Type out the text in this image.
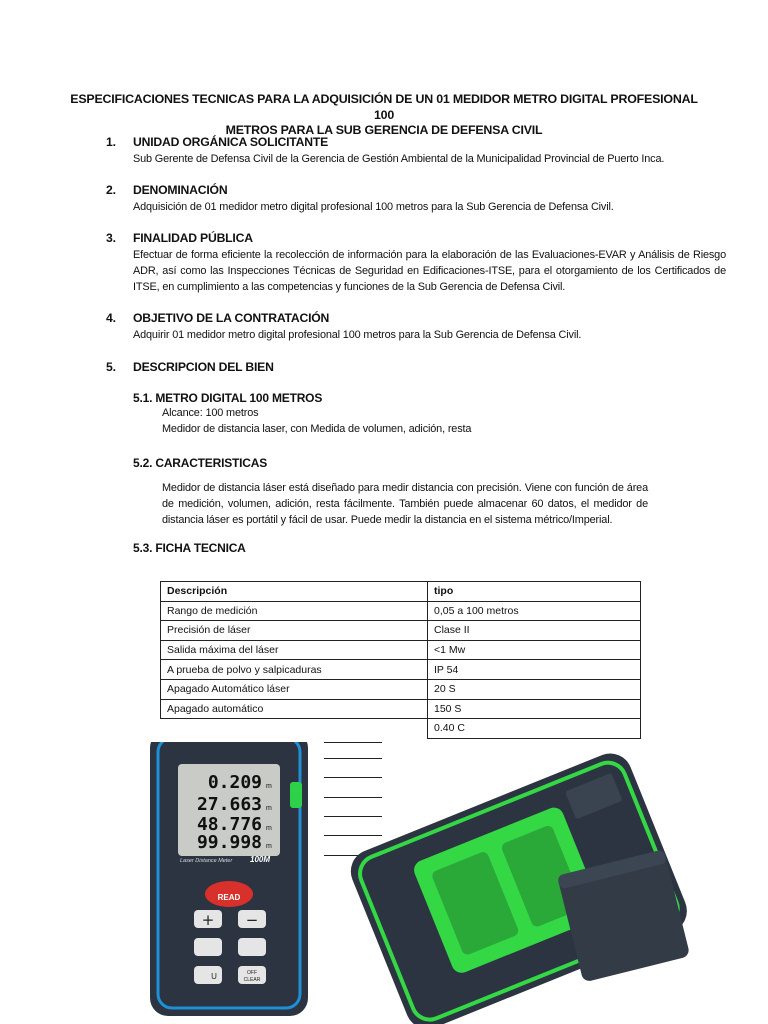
ESPECIFICACIONES TECNICAS PARA LA ADQUISICIÓN DE UN 01 MEDIDOR METRO DIGITAL PROFESIONAL 100
METROS PARA LA SUB GERENCIA DE DEFENSA CIVIL
1.	UNIDAD ORGÁNICA SOLICITANTE
Sub Gerente de Defensa Civil de la Gerencia de Gestión Ambiental de la Municipalidad Provincial de Puerto Inca.
2.	DENOMINACIÓN
Adquisición de 01 medidor metro digital profesional 100 metros para la Sub Gerencia de Defensa Civil.
3.	FINALIDAD PÚBLICA
Efectuar de forma eficiente la recolección de información para la elaboración de las Evaluaciones-EVAR y Análisis de Riesgo ADR, así como las Inspecciones Técnicas de Seguridad en Edificaciones-ITSE, para el otorgamiento de los Certificados de ITSE, en cumplimiento a las competencias y funciones de la Sub Gerencia de Defensa Civil.
4.	OBJETIVO DE LA CONTRATACIÓN
Adquirir 01 medidor metro digital profesional 100 metros para la Sub Gerencia de Defensa Civil.
5.	DESCRIPCION DEL BIEN
5.1. METRO DIGITAL 100 METROS
Alcance: 100 metros
Medidor de distancia laser, con Medida de volumen, adición, resta
5.2. CARACTERISTICAS
Medidor de distancia láser está diseñado para medir distancia con precisión. Viene con función de área de medición, volumen, adición, resta fácilmente. También puede almacenar 60 datos, el medidor de distancia láser es portátil y fácil de usar. Puede medir la distancia en el sistema métrico/Imperial.
5.3. FICHA TECNICA
Descripción	tipo
Rango de medición	0,05 a 100 metros
Precisión de láser	Clase II
Salida máxima del láser	<1 Mw
A prueba de polvo y salpicaduras	IP 54
Apagado Automático láser	20 S
Apagado automático	150 S
	0.40 C
0.209
27.663
48.776
99.998
m
m
m
m
Laser Distance Meter 100M
READ
+ −
U	OFF
CLEAR
